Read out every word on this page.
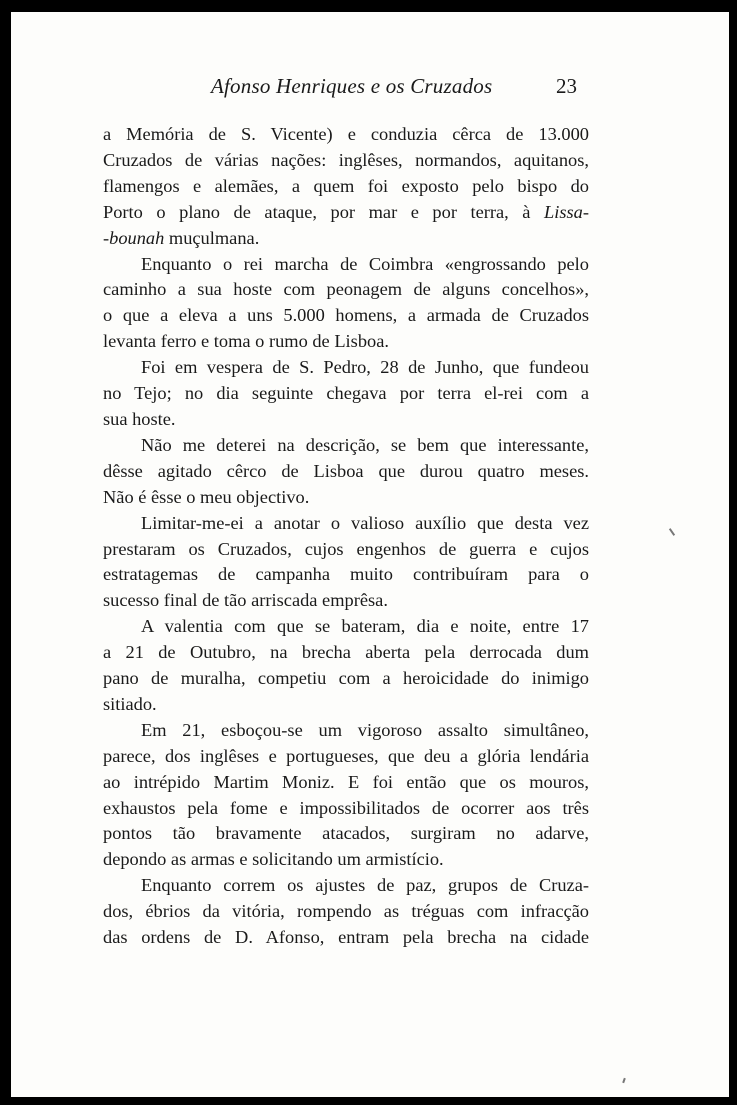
Afonso Henriques e os Cruzados	23

a Memória de S. Vicente) e conduzia cêrca de 13.000

Cruzados de várias nações: inglêses, normandos, aquitanos,

flamengos e alemães, a quem foi exposto pelo bispo do

Porto o plano de ataque, por mar e por terra, à Lissa-

-bounah muçulmana.

Enquanto o rei marcha de Coimbra «engrossando pelo

caminho a sua hoste com peonagem de alguns concelhos»,

o que a eleva a uns 5.000 homens, a armada de Cruzados

levanta ferro e toma o rumo de Lisboa.

Foi em vespera de S. Pedro, 28 de Junho, que fundeou

no Tejo; no dia seguinte chegava por terra el-rei com a

sua hoste.

Não me deterei na descrição, se bem que interessante,

dêsse agitado cêrco de Lisboa que durou quatro meses.

Não é êsse o meu objectivo.

Limitar-me-ei a anotar o valioso auxílio que desta vez

prestaram os Cruzados, cujos engenhos de guerra e cujos

estratagemas de campanha muito contribuíram para o

sucesso final de tão arriscada emprêsa.

A valentia com que se bateram, dia e noite, entre 17

a 21 de Outubro, na brecha aberta pela derrocada dum

pano de muralha, competiu com a heroicidade do inimigo

sitiado.

Em 21, esboçou-se um vigoroso assalto simultâneo,

parece, dos inglêses e portugueses, que deu a glória lendária

ao intrépido Martim Moniz. E foi então que os mouros,

exhaustos pela fome e impossibilitados de ocorrer aos três

pontos tão bravamente atacados, surgiram no adarve,

depondo as armas e solicitando um armistício.

Enquanto correm os ajustes de paz, grupos de Cruza-

dos, ébrios da vitória, rompendo as tréguas com infracção

das ordens de D. Afonso, entram pela brecha na cidade
